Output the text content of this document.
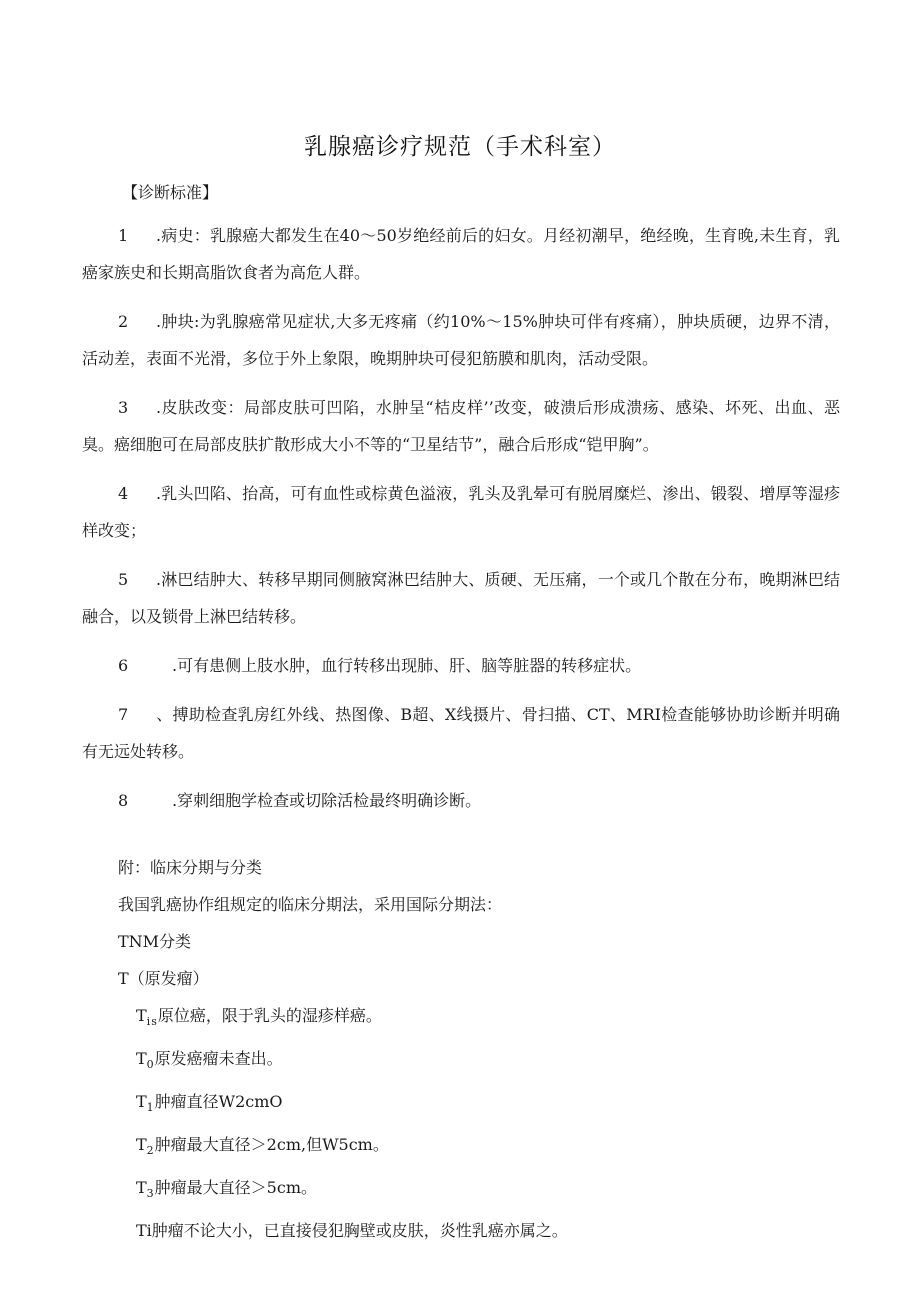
乳腺癌诊疗规范（手术科室）
【诊断标准】

1 .病史：乳腺癌大都发生在40～50岁绝经前后的妇女。月经初潮早，绝经晚，生育晚,未生育，乳癌家族史和长期高脂饮食者为高危人群。

2 .肿块:为乳腺癌常见症状,大多无疼痛（约10%～15%肿块可伴有疼痛），肿块质硬，边界不清，活动差，表面不光滑，多位于外上象限，晚期肿块可侵犯筋膜和肌肉，活动受限。

3 .皮肤改变：局部皮肤可凹陷，水肿呈“桔皮样’’改变，破溃后形成溃疡、感染、坏死、出血、恶臭。癌细胞可在局部皮肤扩散形成大小不等的“卫星结节”，融合后形成“铠甲胸”。

4 .乳头凹陷、抬高，可有血性或棕黄色溢液，乳头及乳晕可有脱屑糜烂、渗出、锻裂、增厚等湿疹样改变；

5 .淋巴结肿大、转移早期同侧腋窝淋巴结肿大、质硬、无压痛，一个或几个散在分布，晚期淋巴结融合，以及锁骨上淋巴结转移。

6	.可有患侧上肢水肿，血行转移出现肺、肝、脑等脏器的转移症状。

7 、搏助检查乳房红外线、热图像、B超、X线摄片、骨扫描、CT、MRI检查能够协助诊断并明确有无远处转移。

8	.穿刺细胞学检查或切除活检最终明确诊断。

附：临床分期与分类
我国乳癌协作组规定的临床分期法，采用国际分期法：
TNM分类
T（原发瘤）
$T_{is}$原位癌，限于乳头的湿疹样癌。
$T_0$原发癌瘤未查出。
$T_1$肿瘤直径W2cmO
$T_2$肿瘤最大直径＞2cm,但W5cm。
$T_3$肿瘤最大直径＞5cm。
Ti肿瘤不论大小，已直接侵犯胸壁或皮肤，炎性乳癌亦属之。
